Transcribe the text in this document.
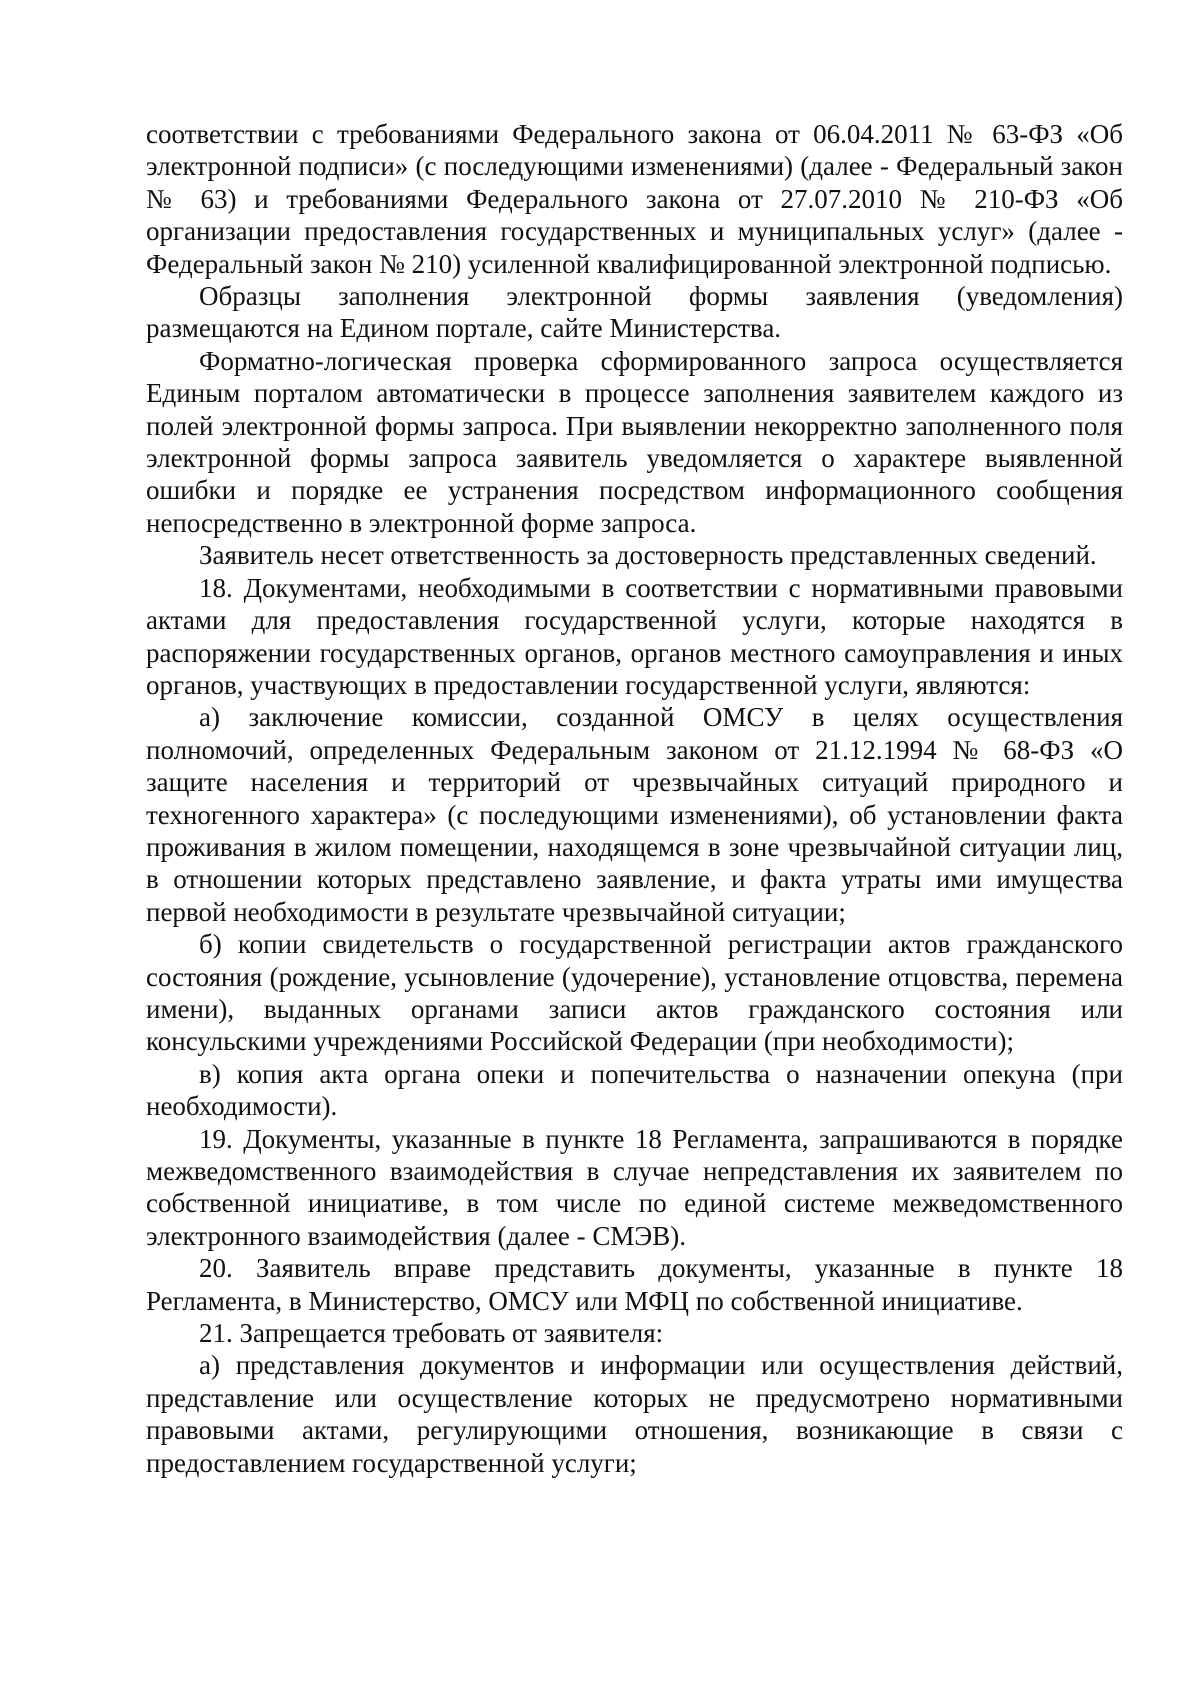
соответствии с требованиями Федерального закона от 06.04.2011 № 63-ФЗ «Об электронной подписи» (с последующими изменениями) (далее - Федеральный закон № 63) и требованиями Федерального закона от 27.07.2010 № 210-ФЗ «Об организации предоставления государственных и муниципальных услуг» (далее - Федеральный закон № 210) усиленной квалифицированной электронной подписью.

Образцы заполнения электронной формы заявления (уведомления) размещаются на Едином портале, сайте Министерства.

Форматно-логическая проверка сформированного запроса осуществляется Единым порталом автоматически в процессе заполнения заявителем каждого из полей электронной формы запроса. При выявлении некорректно заполненного поля электронной формы запроса заявитель уведомляется о характере выявленной ошибки и порядке ее устранения посредством информационного сообщения непосредственно в электронной форме запроса.

Заявитель несет ответственность за достоверность представленных сведений.

18. Документами, необходимыми в соответствии с нормативными правовыми актами для предоставления государственной услуги, которые находятся в распоряжении государственных органов, органов местного самоуправления и иных органов, участвующих в предоставлении государственной услуги, являются:

а) заключение комиссии, созданной ОМСУ в целях осуществления полномочий, определенных Федеральным законом от 21.12.1994 № 68-ФЗ «О защите населения и территорий от чрезвычайных ситуаций природного и техногенного характера» (с последующими изменениями), об установлении факта проживания в жилом помещении, находящемся в зоне чрезвычайной ситуации лиц, в отношении которых представлено заявление, и факта утраты ими имущества первой необходимости в результате чрезвычайной ситуации;

б) копии свидетельств о государственной регистрации актов гражданского состояния (рождение, усыновление (удочерение), установление отцовства, перемена имени), выданных органами записи актов гражданского состояния или консульскими учреждениями Российской Федерации (при необходимости);

в) копия акта органа опеки и попечительства о назначении опекуна (при необходимости).

19. Документы, указанные в пункте 18 Регламента, запрашиваются в порядке межведомственного взаимодействия в случае непредставления их заявителем по собственной инициативе, в том числе по единой системе межведомственного электронного взаимодействия (далее - СМЭВ).

20. Заявитель вправе представить документы, указанные в пункте 18 Регламента, в Министерство, ОМСУ или МФЦ по собственной инициативе.

21. Запрещается требовать от заявителя:

а) представления документов и информации или осуществления действий, представление или осуществление которых не предусмотрено нормативными правовыми актами, регулирующими отношения, возникающие в связи с предоставлением государственной услуги;
